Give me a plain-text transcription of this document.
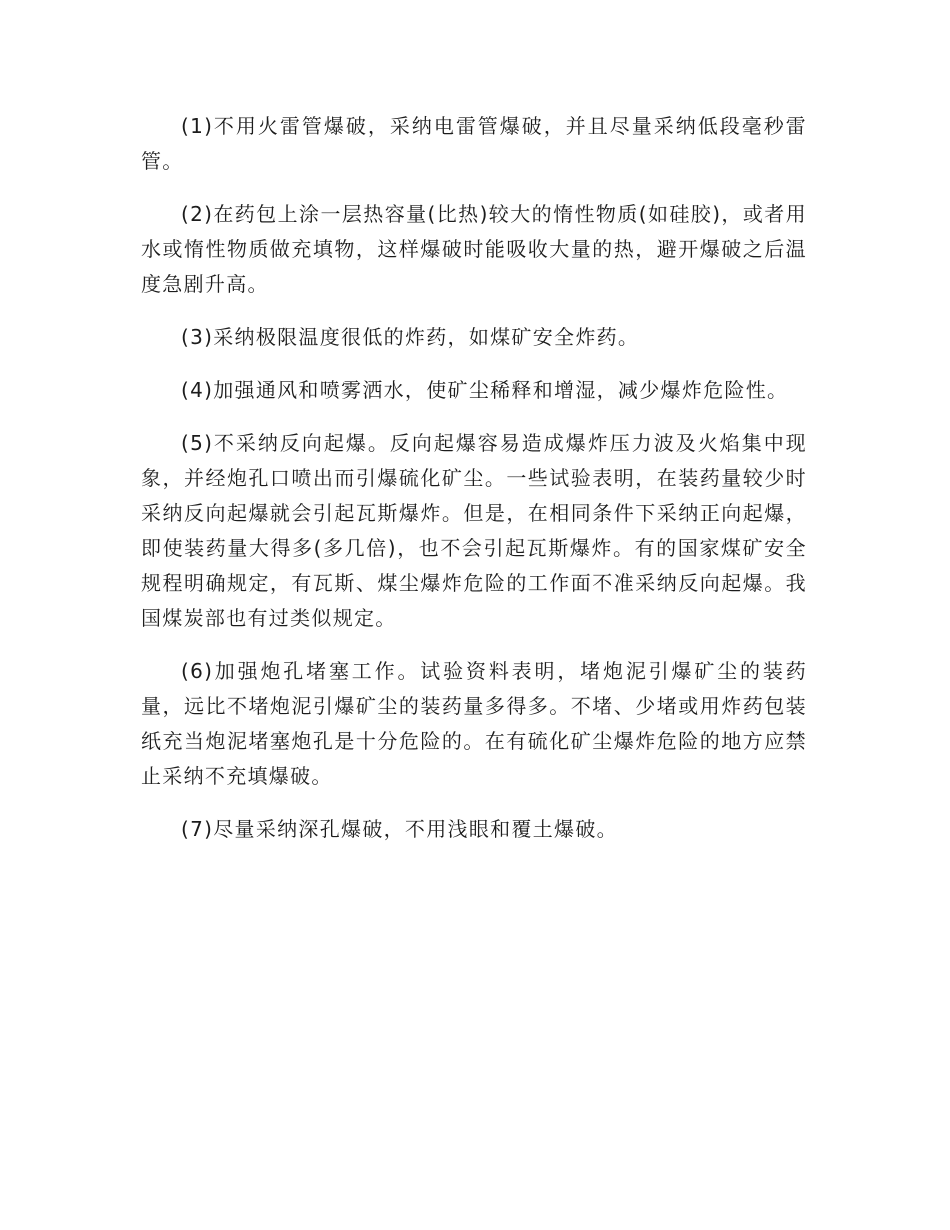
(1)不用火雷管爆破，采纳电雷管爆破，并且尽量采纳低段毫秒雷管。

(2)在药包上涂一层热容量(比热)较大的惰性物质(如硅胶)，或者用水或惰性物质做充填物，这样爆破时能吸收大量的热，避开爆破之后温度急剧升高。

(3)采纳极限温度很低的炸药，如煤矿安全炸药。

(4)加强通风和喷雾洒水，使矿尘稀释和增湿，减少爆炸危险性。

(5)不采纳反向起爆。反向起爆容易造成爆炸压力波及火焰集中现象，并经炮孔口喷出而引爆硫化矿尘。一些试验表明，在装药量较少时采纳反向起爆就会引起瓦斯爆炸。但是，在相同条件下采纳正向起爆，即使装药量大得多(多几倍)，也不会引起瓦斯爆炸。有的国家煤矿安全规程明确规定，有瓦斯、煤尘爆炸危险的工作面不准采纳反向起爆。我国煤炭部也有过类似规定。

(6)加强炮孔堵塞工作。试验资料表明，堵炮泥引爆矿尘的装药量，远比不堵炮泥引爆矿尘的装药量多得多。不堵、少堵或用炸药包装纸充当炮泥堵塞炮孔是十分危险的。在有硫化矿尘爆炸危险的地方应禁止采纳不充填爆破。

(7)尽量采纳深孔爆破，不用浅眼和覆土爆破。
